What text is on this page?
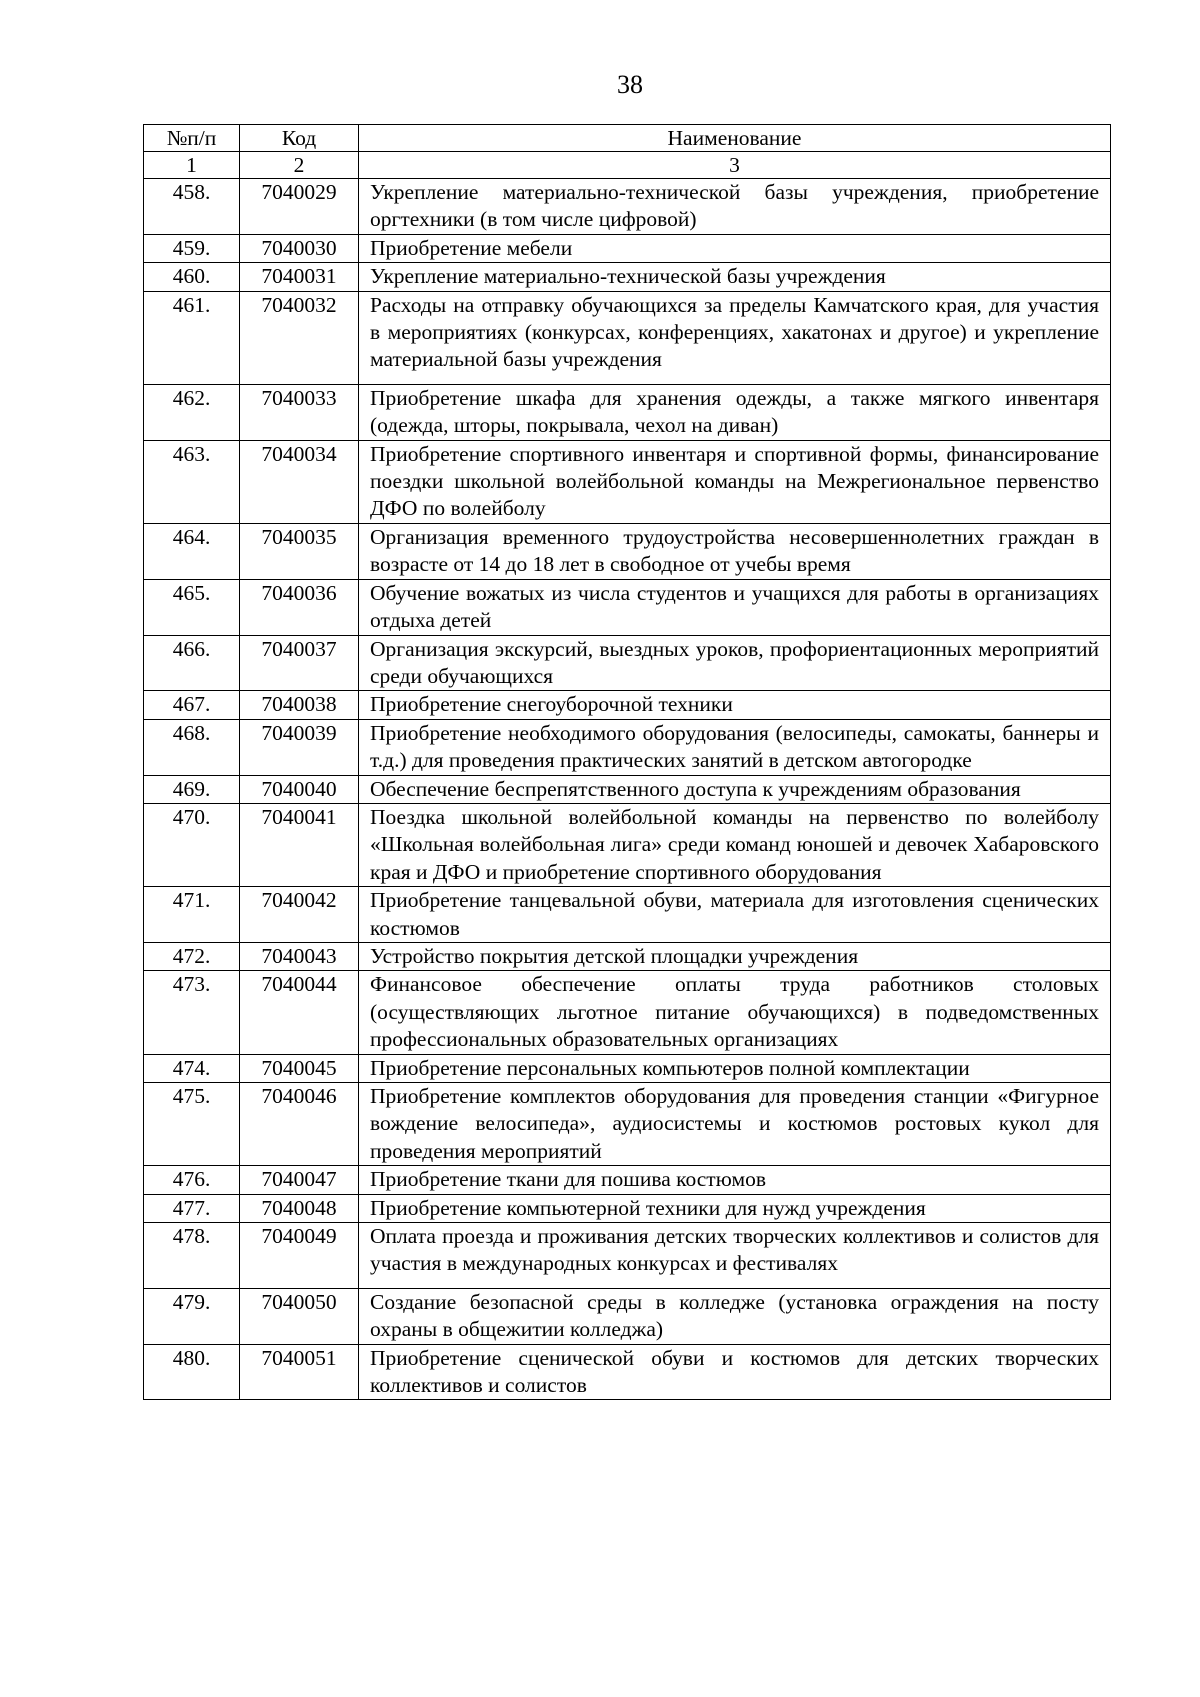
38
№п/п	Код	Наименование
1	2	3
458.	7040029	Укрепление материально-технической базы учреждения, приобретение оргтехники (в том числе цифровой)
459.	7040030	Приобретение мебели
460.	7040031	Укрепление материально-технической базы учреждения
461.	7040032	Расходы на отправку обучающихся за пределы Камчатского края, для участия в мероприятиях (конкурсах, конференциях, хакатонах и другое) и укрепление материальной базы учреждения
462.	7040033	Приобретение шкафа для хранения одежды, а также мягкого инвентаря (одежда, шторы, покрывала, чехол на диван)
463.	7040034	Приобретение спортивного инвентаря и спортивной формы, финансирование поездки школьной волейбольной команды на Межрегиональное первенство ДФО по волейболу
464.	7040035	Организация временного трудоустройства несовершеннолетних граждан в возрасте от 14 до 18 лет в свободное от учебы время
465.	7040036	Обучение вожатых из числа студентов и учащихся для работы в организациях отдыха детей
466.	7040037	Организация экскурсий, выездных уроков, профориентационных мероприятий среди обучающихся
467.	7040038	Приобретение снегоуборочной техники
468.	7040039	Приобретение необходимого оборудования (велосипеды, самокаты, баннеры и т.д.) для проведения практических занятий в детском автогородке
469.	7040040	Обеспечение беспрепятственного доступа к учреждениям образования
470.	7040041	Поездка школьной волейбольной команды на первенство по волейболу «Школьная волейбольная лига» среди команд юношей и девочек Хабаровского края и ДФО и приобретение спортивного оборудования
471.	7040042	Приобретение танцевальной обуви, материала для изготовления сценических костюмов
472.	7040043	Устройство покрытия детской площадки учреждения
473.	7040044	Финансовое обеспечение оплаты труда работников столовых (осуществляющих льготное питание обучающихся) в подведомственных профессиональных образовательных организациях
474.	7040045	Приобретение персональных компьютеров полной комплектации
475.	7040046	Приобретение комплектов оборудования для проведения станции «Фигурное вождение велосипеда», аудиосистемы и костюмов ростовых кукол для проведения мероприятий
476.	7040047	Приобретение ткани для пошива костюмов
477.	7040048	Приобретение компьютерной техники для нужд учреждения
478.	7040049	Оплата проезда и проживания детских творческих коллективов и солистов для участия в международных конкурсах и фестивалях
479.	7040050	Создание безопасной среды в колледже (установка ограждения на посту охраны в общежитии колледжа)
480.	7040051	Приобретение сценической обуви и костюмов для детских творческих коллективов и солистов
